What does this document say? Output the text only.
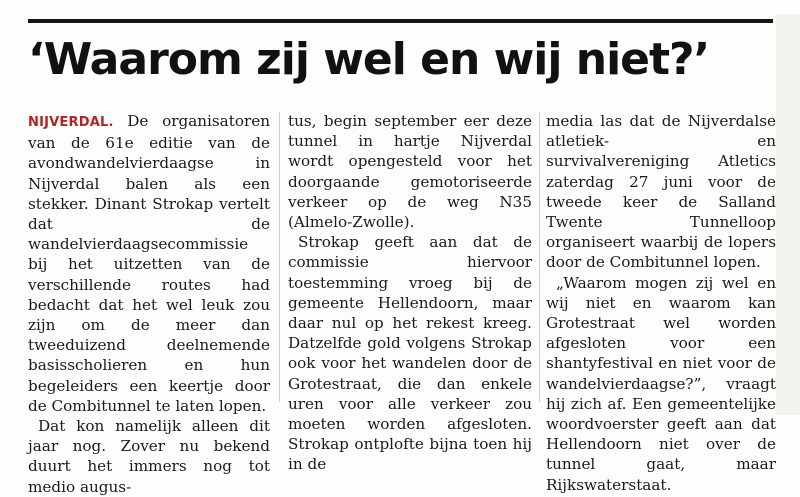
‘Waarom zij wel en wij niet?’

NIJVERDAL. De organisatoren van de 61e editie van de avondwandelvierdaagse in Nijverdal balen als een stekker. Dinant Strokap vertelt dat de wandelvierdaagsecommissie bij het uitzetten van de verschillende routes had bedacht dat het wel leuk zou zijn om de meer dan tweeduizend deelnemende basisscholieren en hun begeleiders een keertje door de Combitunnel te laten lopen.

Dat kon namelijk alleen dit jaar nog. Zover nu bekend duurt het immers nog tot medio augus-

tus, begin september eer deze tunnel in hartje Nijverdal wordt opengesteld voor het doorgaande gemotoriseerde verkeer op de weg N35 (Almelo-Zwolle).

Strokap geeft aan dat de commissie hiervoor toestemming vroeg bij de gemeente Hellendoorn, maar daar nul op het rekest kreeg. Datzelfde gold volgens Strokap ook voor het wandelen door de Grotestraat, die dan enkele uren voor alle verkeer zou moeten worden afgesloten. Strokap ontplofte bijna toen hij in de

media las dat de Nijverdalse atletiek- en survivalvereniging Atletics zaterdag 27 juni voor de tweede keer de Salland Twente Tunnelloop organiseert waarbij de lopers door de Combitunnel lopen.

„Waarom mogen zij wel en wij niet en waarom kan Grotestraat wel worden afgesloten voor een shantyfestival en niet voor de wandelvierdaagse?”, vraagt hij zich af. Een gemeentelijke woordvoerster geeft aan dat Hellendoorn niet over de tunnel gaat, maar Rijkswaterstaat.
